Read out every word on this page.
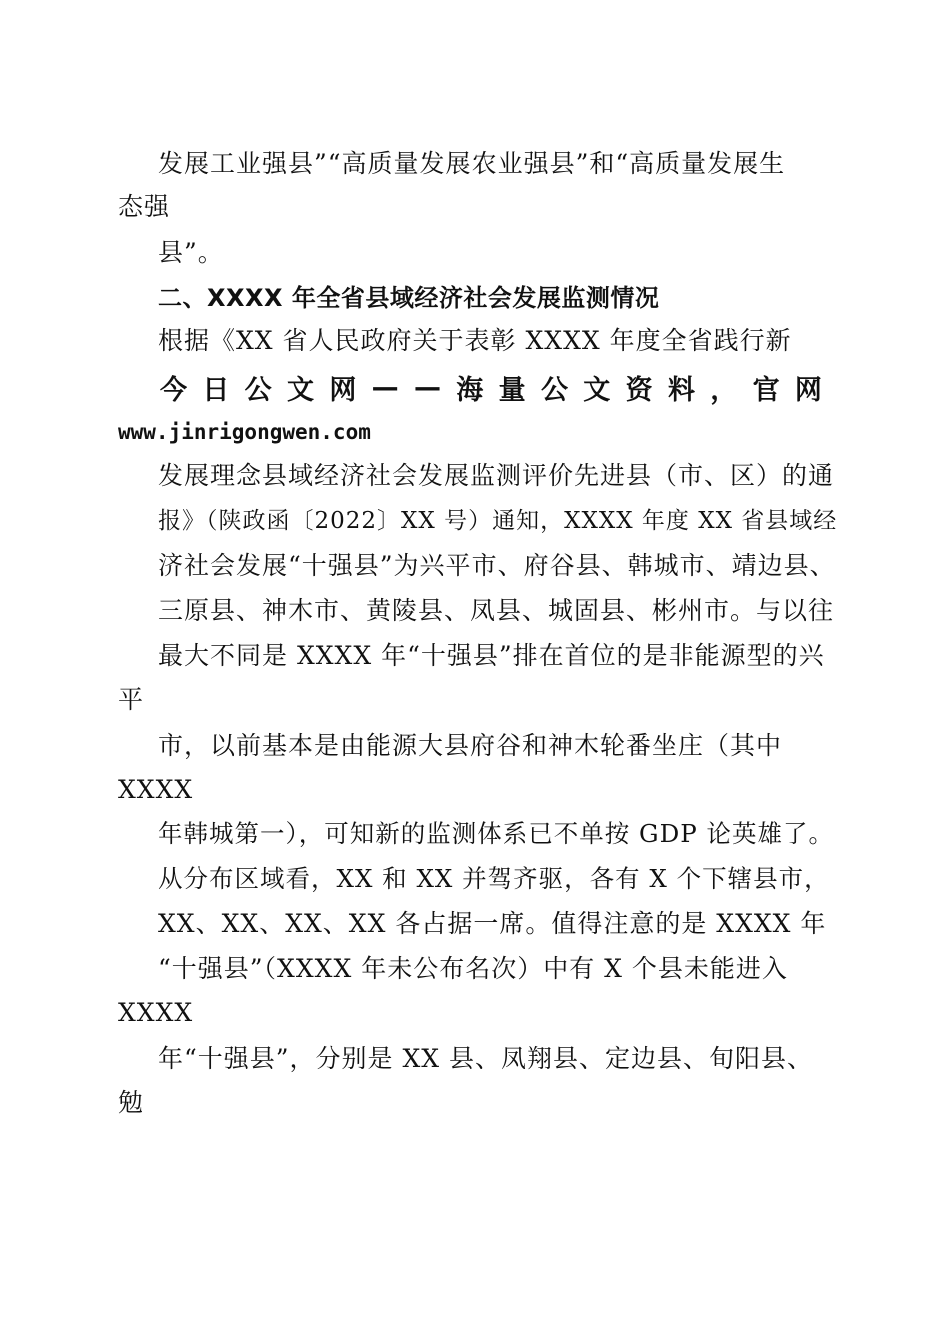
发展工业强县”“高质量发展农业强县”和“高质量发展生
态强
县”。
二、XXXX 年全省县域经济社会发展监测情况
根据《XX 省人民政府关于表彰 XXXX 年度全省践行新
今 日 公 文 网 — — 海 量 公 文 资 料 ， 官 网
www.jinrigongwen.com
发展理念县域经济社会发展监测评价先进县（市、区）的通
报》（陕政函〔2022〕XX 号）通知，XXXX 年度 XX 省县域经
济社会发展“十强县”为兴平市、府谷县、韩城市、靖边县、
三原县、神木市、黄陵县、凤县、城固县、彬州市。与以往
最大不同是 XXXX 年“十强县”排在首位的是非能源型的兴
平
市，以前基本是由能源大县府谷和神木轮番坐庄（其中
XXXX
年韩城第一），可知新的监测体系已不单按 GDP 论英雄了。
从分布区域看，XX 和 XX 并驾齐驱，各有 X 个下辖县市，
XX、XX、XX、XX 各占据一席。值得注意的是 XXXX 年
“十强县”（XXXX 年未公布名次）中有 X 个县未能进入
XXXX
年“十强县”，分别是 XX 县、凤翔县、定边县、旬阳县、
勉
